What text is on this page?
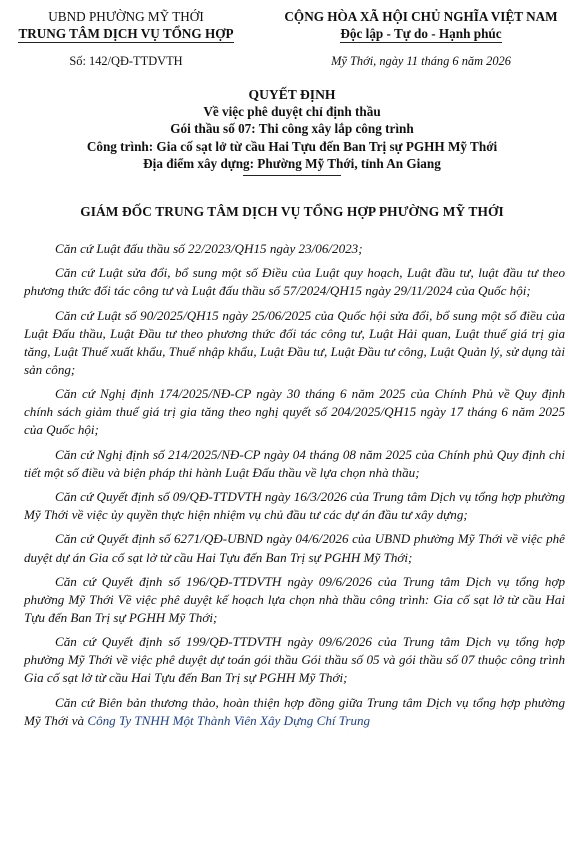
UBND PHƯỜNG MỸ THỚI
TRUNG TÂM DỊCH VỤ TỔNG HỢP
Số: 142/QĐ-TTDVTH
CỘNG HÒA XÃ HỘI CHỦ NGHĨA VIỆT NAM
Độc lập - Tự do - Hạnh phúc
Mỹ Thới, ngày 11 tháng 6 năm 2026
QUYẾT ĐỊNH
Về việc phê duyệt chỉ định thầu
Gói thầu số 07: Thi công xây lắp công trình
Công trình: Gia cố sạt lở từ cầu Hai Tựu đến Ban Trị sự PGHH Mỹ Thới
Địa điểm xây dựng: Phường Mỹ Thới, tỉnh An Giang
GIÁM ĐỐC TRUNG TÂM DỊCH VỤ TỔNG HỢP PHƯỜNG MỸ THỚI

Căn cứ Luật đấu thầu số 22/2023/QH15 ngày 23/06/2023;

Căn cứ Luật sửa đổi, bổ sung một số Điều của Luật quy hoạch, Luật đầu tư, luật đầu tư theo phương thức đối tác công tư và Luật đấu thầu số 57/2024/QH15 ngày 29/11/2024 của Quốc hội;

Căn cứ Luật số 90/2025/QH15 ngày 25/06/2025 của Quốc hội sửa đổi, bổ sung một số điều của Luật Đấu thầu, Luật Đầu tư theo phương thức đối tác công tư, Luật Hải quan, Luật thuế giá trị gia tăng, Luật Thuế xuất khẩu, Thuế nhập khẩu, Luật Đầu tư, Luật Đầu tư công, Luật Quản lý, sử dụng tài sản công;

Căn cứ Nghị định 174/2025/NĐ-CP ngày 30 tháng 6 năm 2025 của Chính Phủ về Quy định chính sách giảm thuế giá trị gia tăng theo nghị quyết số 204/2025/QH15 ngày 17 tháng 6 năm 2025 của Quốc hội;

Căn cứ Nghị định số 214/2025/NĐ-CP ngày 04 tháng 08 năm 2025 của Chính phủ Quy định chi tiết một số điều và biện pháp thi hành Luật Đấu thầu về lựa chọn nhà thầu;

Căn cứ Quyết định số 09/QĐ-TTDVTH ngày 16/3/2026 của Trung tâm Dịch vụ tổng hợp phường Mỹ Thới về việc ủy quyền thực hiện nhiệm vụ chủ đầu tư các dự án đầu tư xây dựng;

Căn cứ Quyết định số 6271/QĐ-UBND ngày 04/6/2026 của UBND phường Mỹ Thới về việc phê duyệt dự án Gia cố sạt lở từ cầu Hai Tựu đến Ban Trị sự PGHH Mỹ Thới;

Căn cứ Quyết định số 196/QĐ-TTDVTH ngày 09/6/2026 của Trung tâm Dịch vụ tổng hợp phường Mỹ Thới Về việc phê duyệt kế hoạch lựa chọn nhà thầu công trình: Gia cố sạt lở từ cầu Hai Tựu đến Ban Trị sự PGHH Mỹ Thới;

Căn cứ Quyết định số 199/QĐ-TTDVTH ngày 09/6/2026 của Trung tâm Dịch vụ tổng hợp phường Mỹ Thới về việc phê duyệt dự toán gói thầu Gói thầu số 05 và gói thầu số 07 thuộc công trình Gia cố sạt lở từ cầu Hai Tựu đến Ban Trị sự PGHH Mỹ Thới;

Căn cứ Biên bản thương thảo, hoàn thiện hợp đồng giữa Trung tâm Dịch vụ tổng hợp phường Mỹ Thới và Công Ty TNHH Một Thành Viên Xây Dựng Chí Trung
